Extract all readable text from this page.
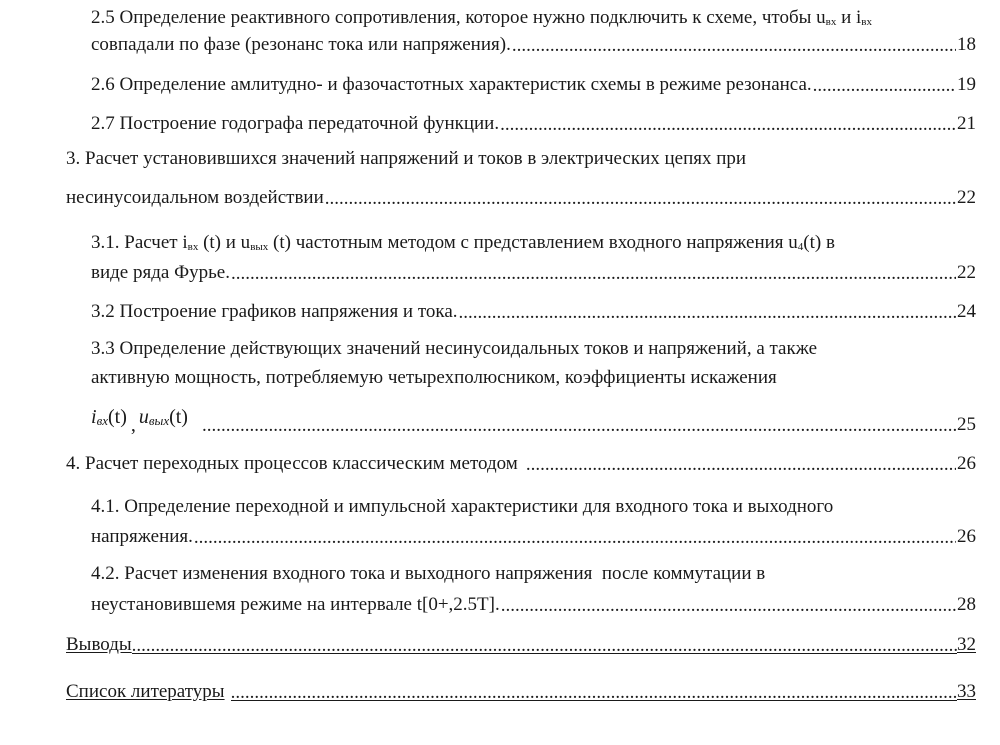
2.5 Определение реактивного сопротивления, которое нужно подключить к схеме, чтобы $u_{вх}$ и $i_{вх}$
совпадали по фазе (резонанс тока или напряжения). .....	18
2.6 Определение амлитудно- и фазочастотных характеристик схемы в режиме резонанса. .....	19
2.7 Построение годографа передаточной функции. .....	21
3. Расчет установившихся значений напряжений и токов в электрических цепях при
несинусоидальном воздействии .....	22
3.1. Расчет $i_{вх}$ (t) и $u_{вых}$ (t) частотным методом с представлением входного напряжения $u_4(t)$ в
виде ряда Фурье. .....	22
3.2 Построение графиков напряжения и тока. .....	24
3.3 Определение действующих значений несинусоидальных токов и напряжений, а также
активную мощность, потребляемую четырехполюсником, коэффициенты искажения
$i_{вх}(t)$ , $u_{вых}(t)$ .....	25
4. Расчет переходных процессов классическим методом .....	26
4.1. Определение переходной и импульсной характеристики для входного тока и выходного
напряжения. .....	26
4.2. Расчет изменения входного тока и выходного напряжения  после коммутации в
неустановившемя режиме на интервале t[0+,2.5T]. .....	28
Выводы .....	32
Список литературы .....	33
